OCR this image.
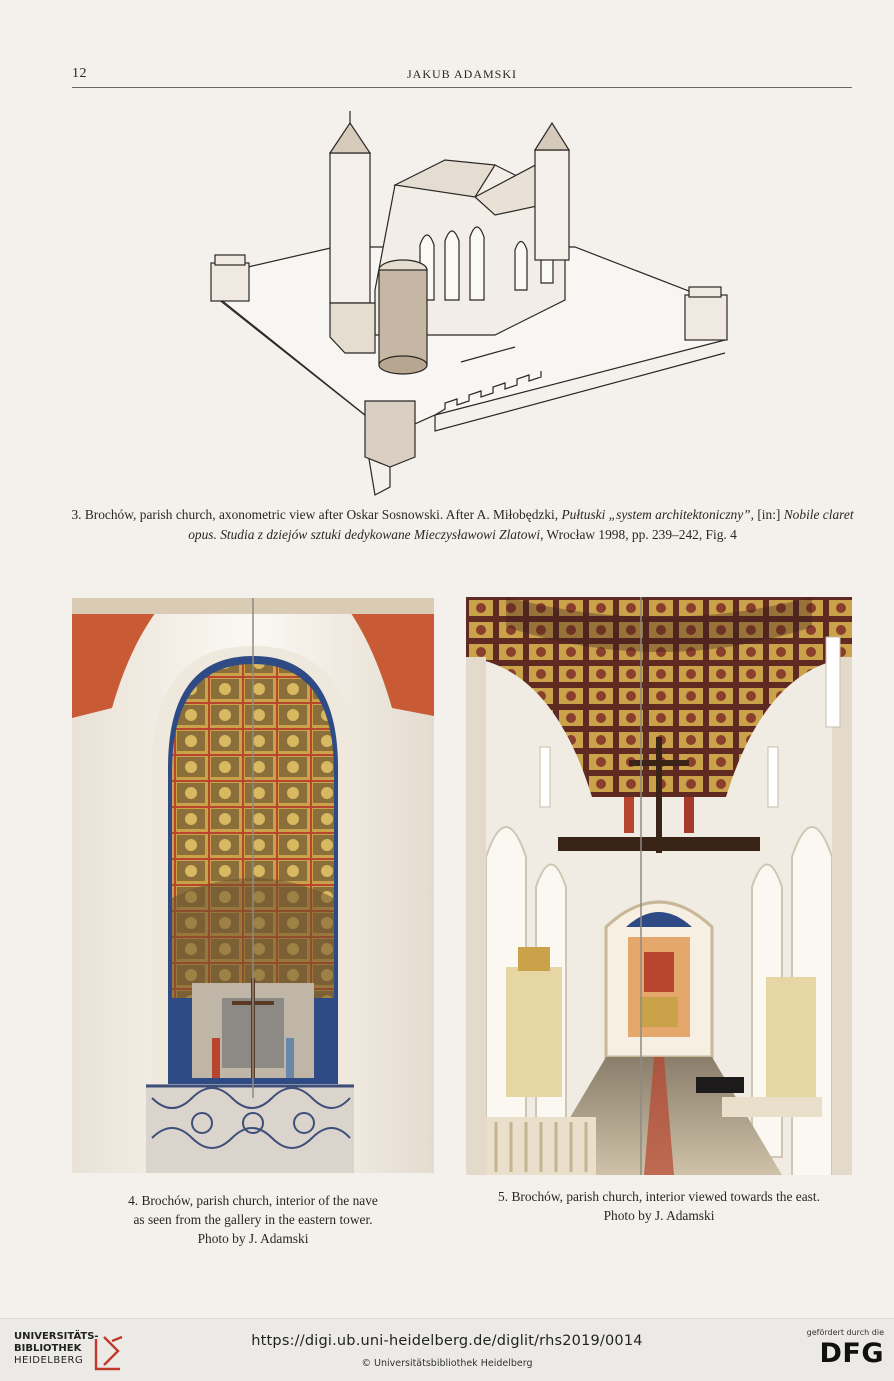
12	JAKUB ADAMSKI
3. Brochów, parish church, axonometric view after Oskar Sosnowski. After A. Miłobędzki, Pułtuski „system architektoniczny”, [in:] Nobile claret opus. Studia z dziejów sztuki dedykowane Mieczysławowi Zlatowi, Wrocław 1998, pp. 239–242, Fig. 4
4. Brochów, parish church, interior of the nave
as seen from the gallery in the eastern tower.
Photo by J. Adamski
5. Brochów, parish church, interior viewed towards the east.
Photo by J. Adamski
UNIVERSITÄTS-
BIBLIOTHEK
HEIDELBERG
https://digi.ub.uni-heidelberg.de/diglit/rhs2019/0014
© Universitätsbibliothek Heidelberg
gefördert durch die
DFG
